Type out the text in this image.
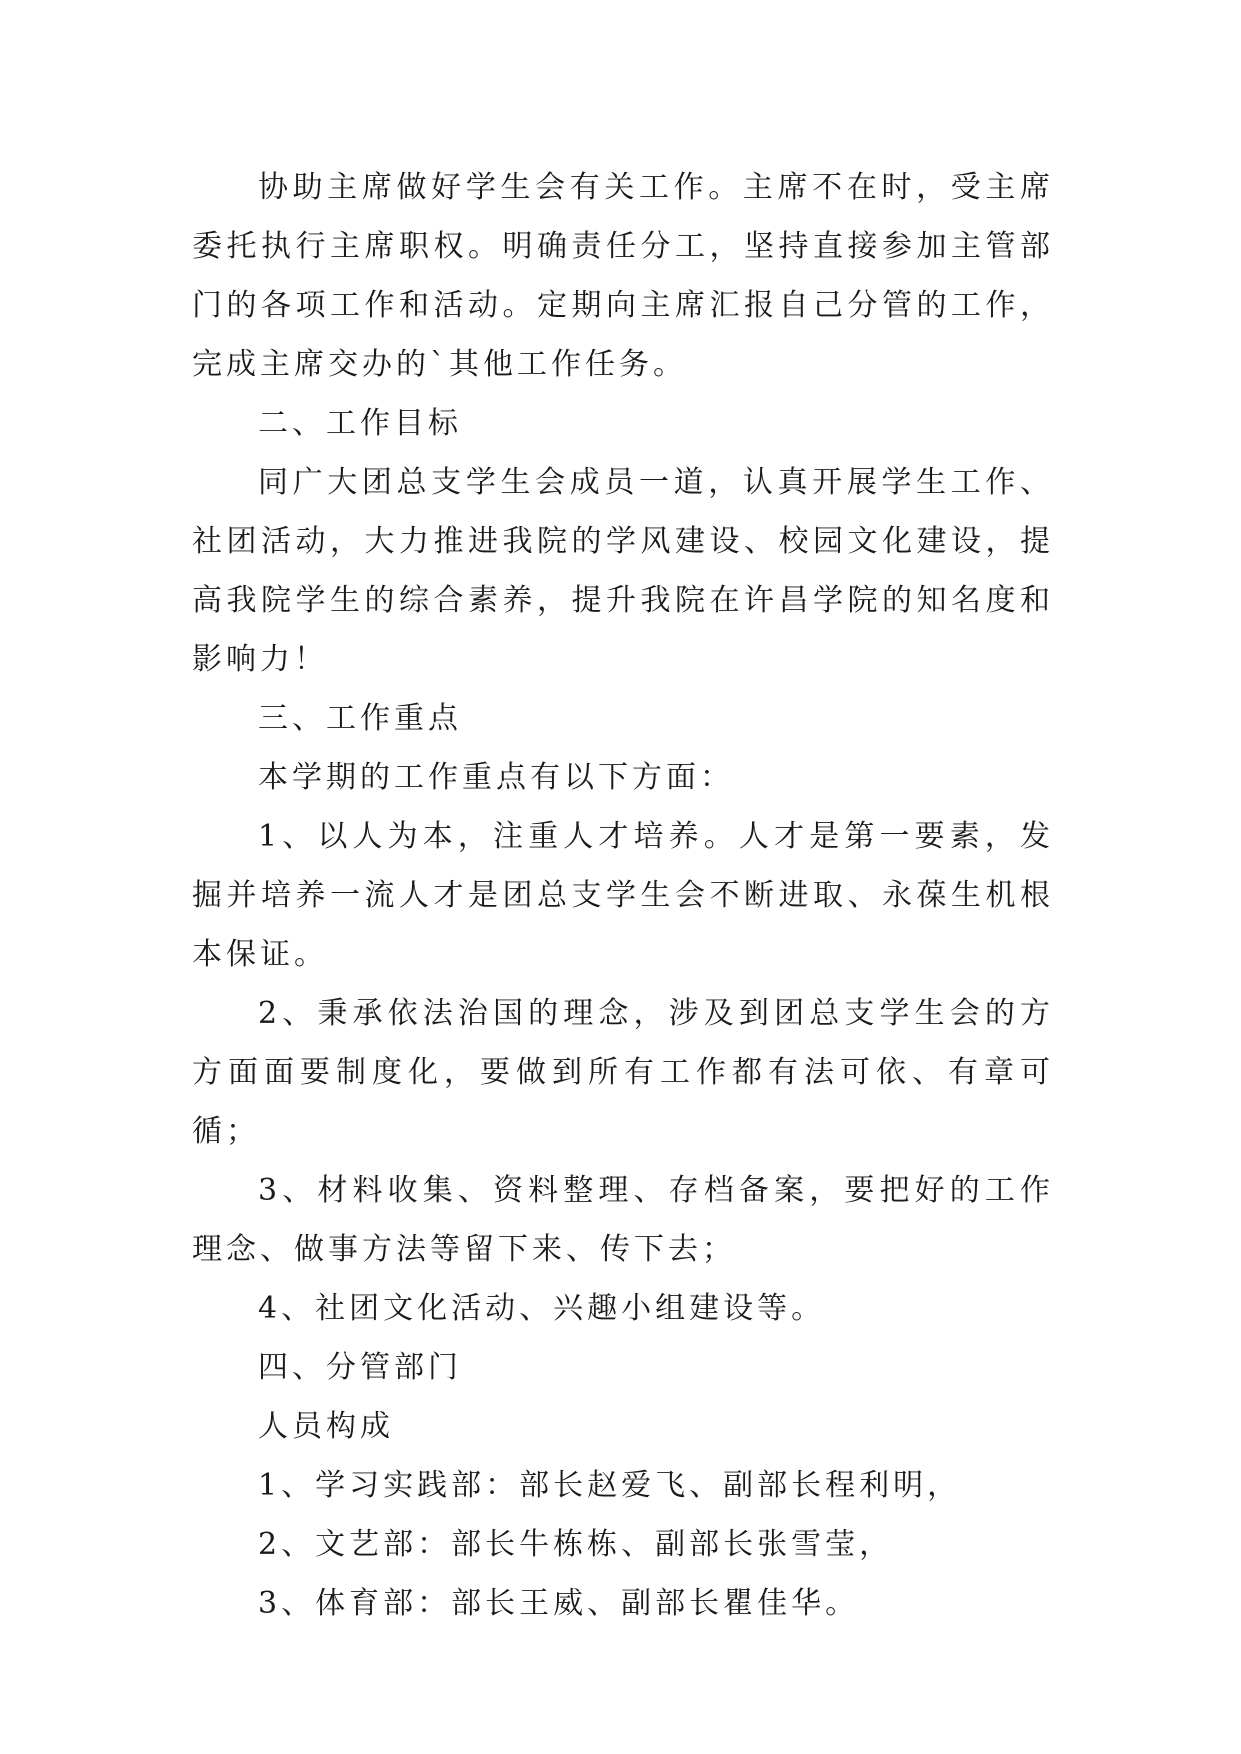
协助主席做好学生会有关工作。主席不在时，受主席委托执行主席职权。明确责任分工，坚持直接参加主管部门的各项工作和活动。定期向主席汇报自己分管的工作，完成主席交办的`其他工作任务。

二、工作目标

同广大团总支学生会成员一道，认真开展学生工作、社团活动，大力推进我院的学风建设、校园文化建设，提高我院学生的综合素养，提升我院在许昌学院的知名度和影响力！

三、工作重点

本学期的工作重点有以下方面：

1、以人为本，注重人才培养。人才是第一要素，发掘并培养一流人才是团总支学生会不断进取、永葆生机根本保证。

2、秉承依法治国的理念，涉及到团总支学生会的方方面面要制度化，要做到所有工作都有法可依、有章可循；

3、材料收集、资料整理、存档备案，要把好的工作理念、做事方法等留下来、传下去；

4、社团文化活动、兴趣小组建设等。

四、分管部门

人员构成

1、学习实践部：部长赵爱飞、副部长程利明，

2、文艺部：部长牛栋栋、副部长张雪莹，

3、体育部：部长王威、副部长瞿佳华。
